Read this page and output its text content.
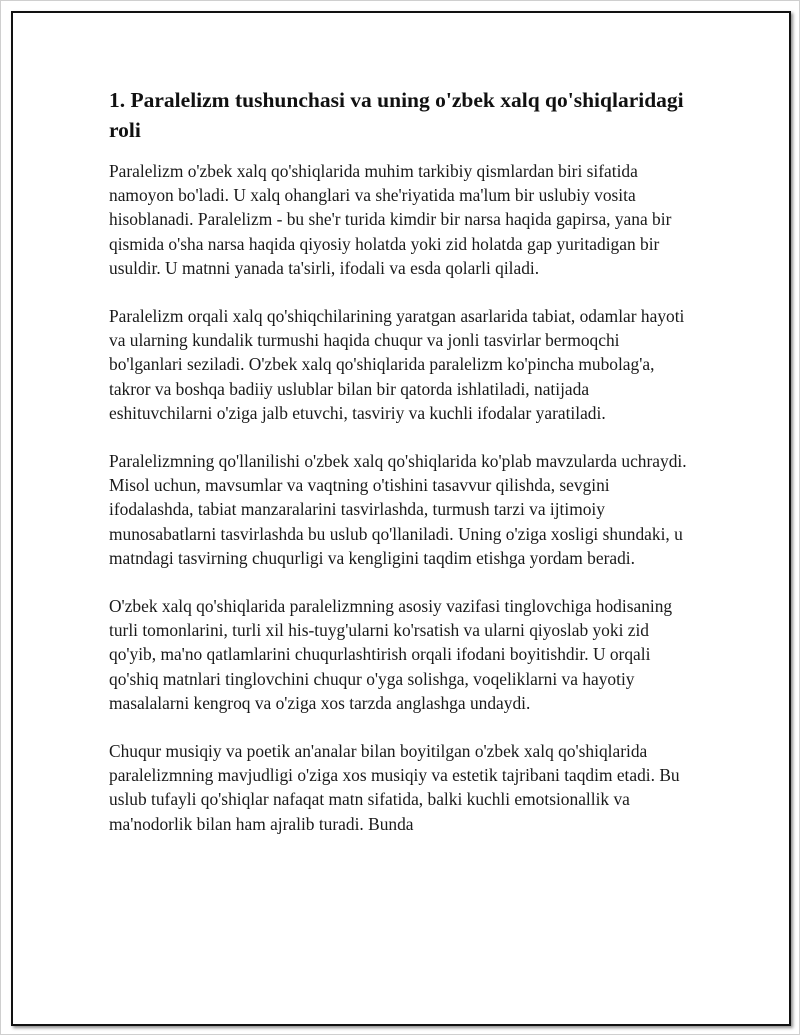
1. Paralelizm tushunchasi va uning o'zbek xalq qo'shiqlaridagi roli

Paralelizm o'zbek xalq qo'shiqlarida muhim tarkibiy qismlardan biri sifatida namoyon bo'ladi. U xalq ohanglari va she'riyatida ma'lum bir uslubiy vosita hisoblanadi. Paralelizm - bu she'r turida kimdir bir narsa haqida gapirsa, yana bir qismida o'sha narsa haqida qiyosiy holatda yoki zid holatda gap yuritadigan bir usuldir. U matnni yanada ta'sirli, ifodali va esda qolarli qiladi.

Paralelizm orqali xalq qo'shiqchilarining yaratgan asarlarida tabiat, odamlar hayoti va ularning kundalik turmushi haqida chuqur va jonli tasvirlar bermoqchi bo'lganlari seziladi. O'zbek xalq qo'shiqlarida paralelizm ko'pincha mubolag'a, takror va boshqa badiiy uslublar bilan bir qatorda ishlatiladi, natijada eshituvchilarni o'ziga jalb etuvchi, tasviriy va kuchli ifodalar yaratiladi.

Paralelizmning qo'llanilishi o'zbek xalq qo'shiqlarida ko'plab mavzularda uchraydi. Misol uchun, mavsumlar va vaqtning o'tishini tasavvur qilishda, sevgini ifodalashda, tabiat manzaralarini tasvirlashda, turmush tarzi va ijtimoiy munosabatlarni tasvirlashda bu uslub qo'llaniladi. Uning o'ziga xosligi shundaki, u matndagi tasvirning chuqurligi va kengligini taqdim etishga yordam beradi.

O'zbek xalq qo'shiqlarida paralelizmning asosiy vazifasi tinglovchiga hodisaning turli tomonlarini, turli xil his-tuyg'ularni ko'rsatish va ularni qiyoslab yoki zid qo'yib, ma'no qatlamlarini chuqurlashtirish orqali ifodani boyitishdir. U orqali qo'shiq matnlari tinglovchini chuqur o'yga solishga, voqeliklarni va hayotiy masalalarni kengroq va o'ziga xos tarzda anglashga undaydi.

Chuqur musiqiy va poetik an'analar bilan boyitilgan o'zbek xalq qo'shiqlarida paralelizmning mavjudligi o'ziga xos musiqiy va estetik tajribani taqdim etadi. Bu uslub tufayli qo'shiqlar nafaqat matn sifatida, balki kuchli emotsionallik va ma'nodorlik bilan ham ajralib turadi. Bunda
